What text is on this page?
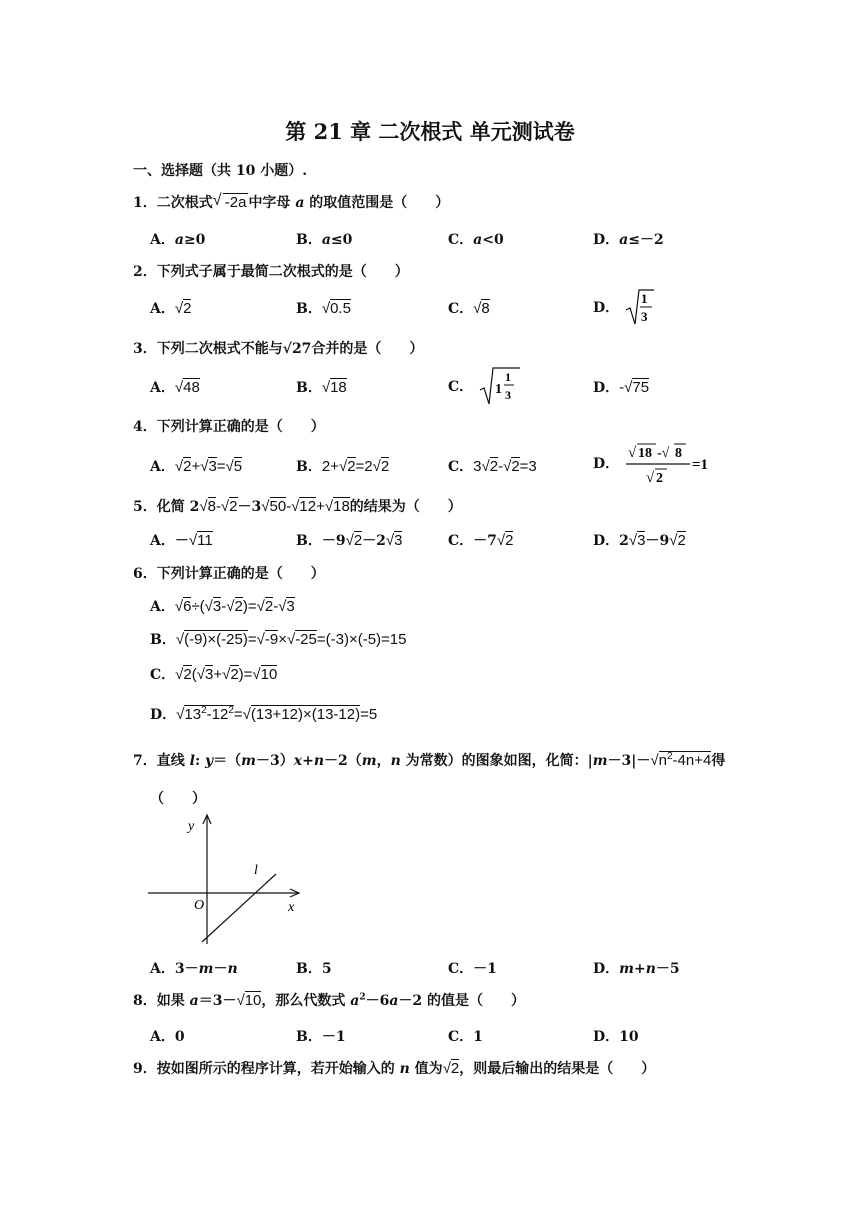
第 21 章 二次根式 单元测试卷
一、选择题（共 10 小题）.
1．二次根式 -2a
√ 中字母 a 的取值范围是（　　）
A．a≥0	B．a≤0	C．a<0	D．a≤－2
2．下列式子属于最简二次根式的是（　　）
A．√2	B．√0.5	C．√8	D．
1
3
3．下列二次根式不能与√27合并的是（　　）
A．√48	B．√18	C． 1
1
3	D．-√75
4．下列计算正确的是（　　）
A．√2+√3=√5	B．2+√2=2√2	C．3√2-√2=3	D．
√ 18 -√ 8
√ 2
=1
5．化简 2√8-√2－3√50-√12+√18的结果为（　　）
A．－√11	B．－9√2－2√3	C．－7√2	D．2√3－9√2
6．下列计算正确的是（　　）
A．√6÷(√3-√2)=√2-√3
B．√(-9)×(-25)=√-9×√-25=(-3)×(-5)=15
C．√2(√3+√2)=√10
D．$√13^2-12^2=√(13+12)\times(13-12)=5$
7．直线 l: y＝（m－3）x+n－2（m，n 为常数）的图象如图，化简：$|m-3|-√n^2-4n+4$得
（　　）
y
x
O
l
A．3－m－n	B．5	C．－1	D．m+n－5
8．如果 a＝3－√10，那么代数式 $a^2-6a-2$ 的值是（　　）
A．0	B．－1	C．1	D．10
9．按如图所示的程序计算，若开始输入的 n 值为√2，则最后输出的结果是（　　）
